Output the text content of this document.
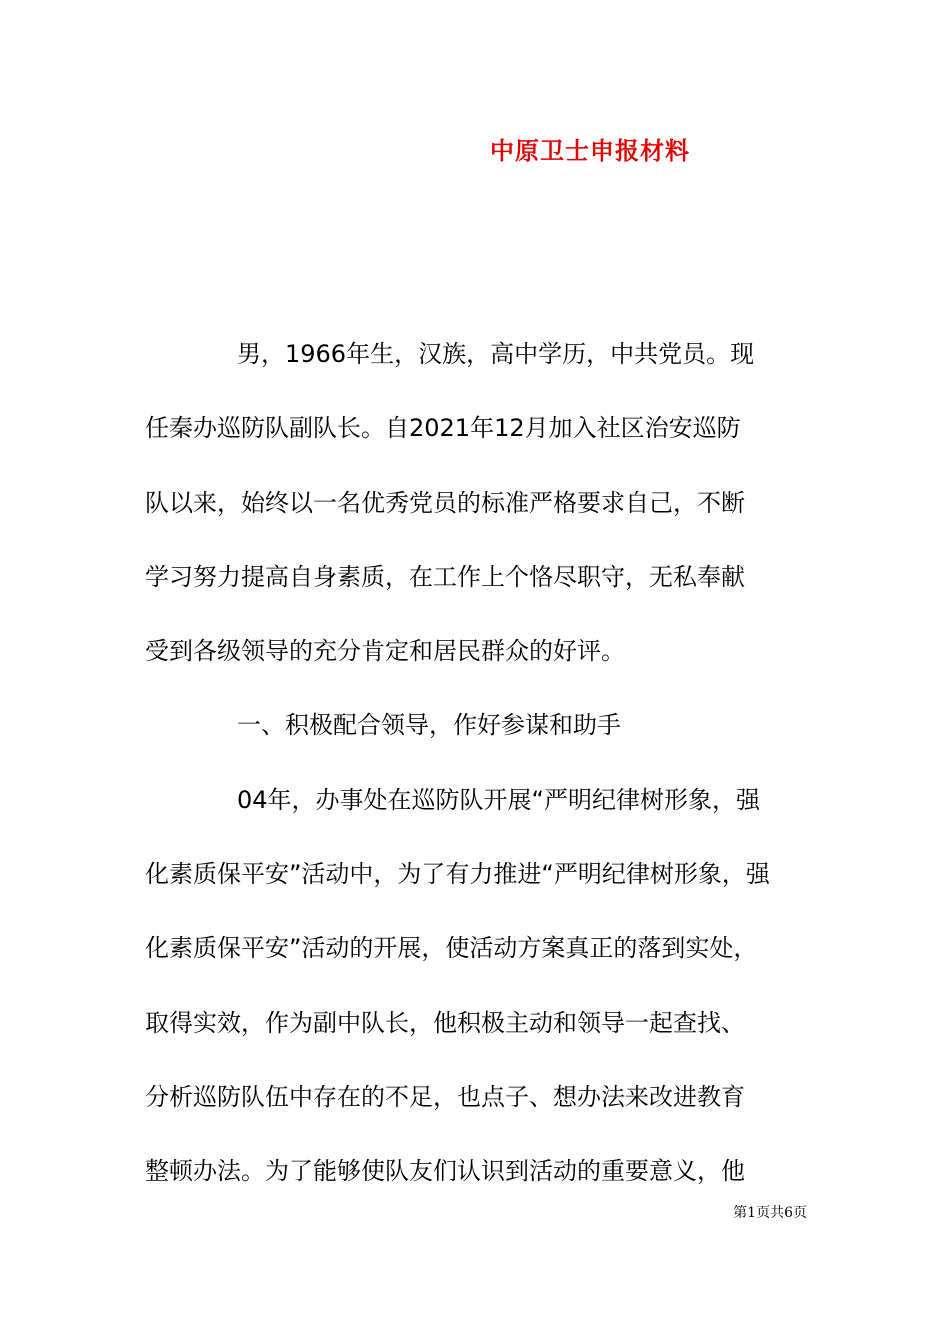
中原卫士申报材料
男，1966年生，汉族，高中学历，中共党员。现
任秦办巡防队副队长。自2021年12月加入社区治安巡防
队以来，始终以一名优秀党员的标准严格要求自己，不断
学习努力提高自身素质，在工作上个恪尽职守，无私奉献
受到各级领导的充分肯定和居民群众的好评。
一、积极配合领导，作好参谋和助手
04年，办事处在巡防队开展“严明纪律树形象，强
化素质保平安”活动中，为了有力推进“严明纪律树形象，强
化素质保平安”活动的开展，使活动方案真正的落到实处，
取得实效，作为副中队长，他积极主动和领导一起查找、
分析巡防队伍中存在的不足，也点子、想办法来改进教育
整顿办法。为了能够使队友们认识到活动的重要意义，他
第1页共6页
